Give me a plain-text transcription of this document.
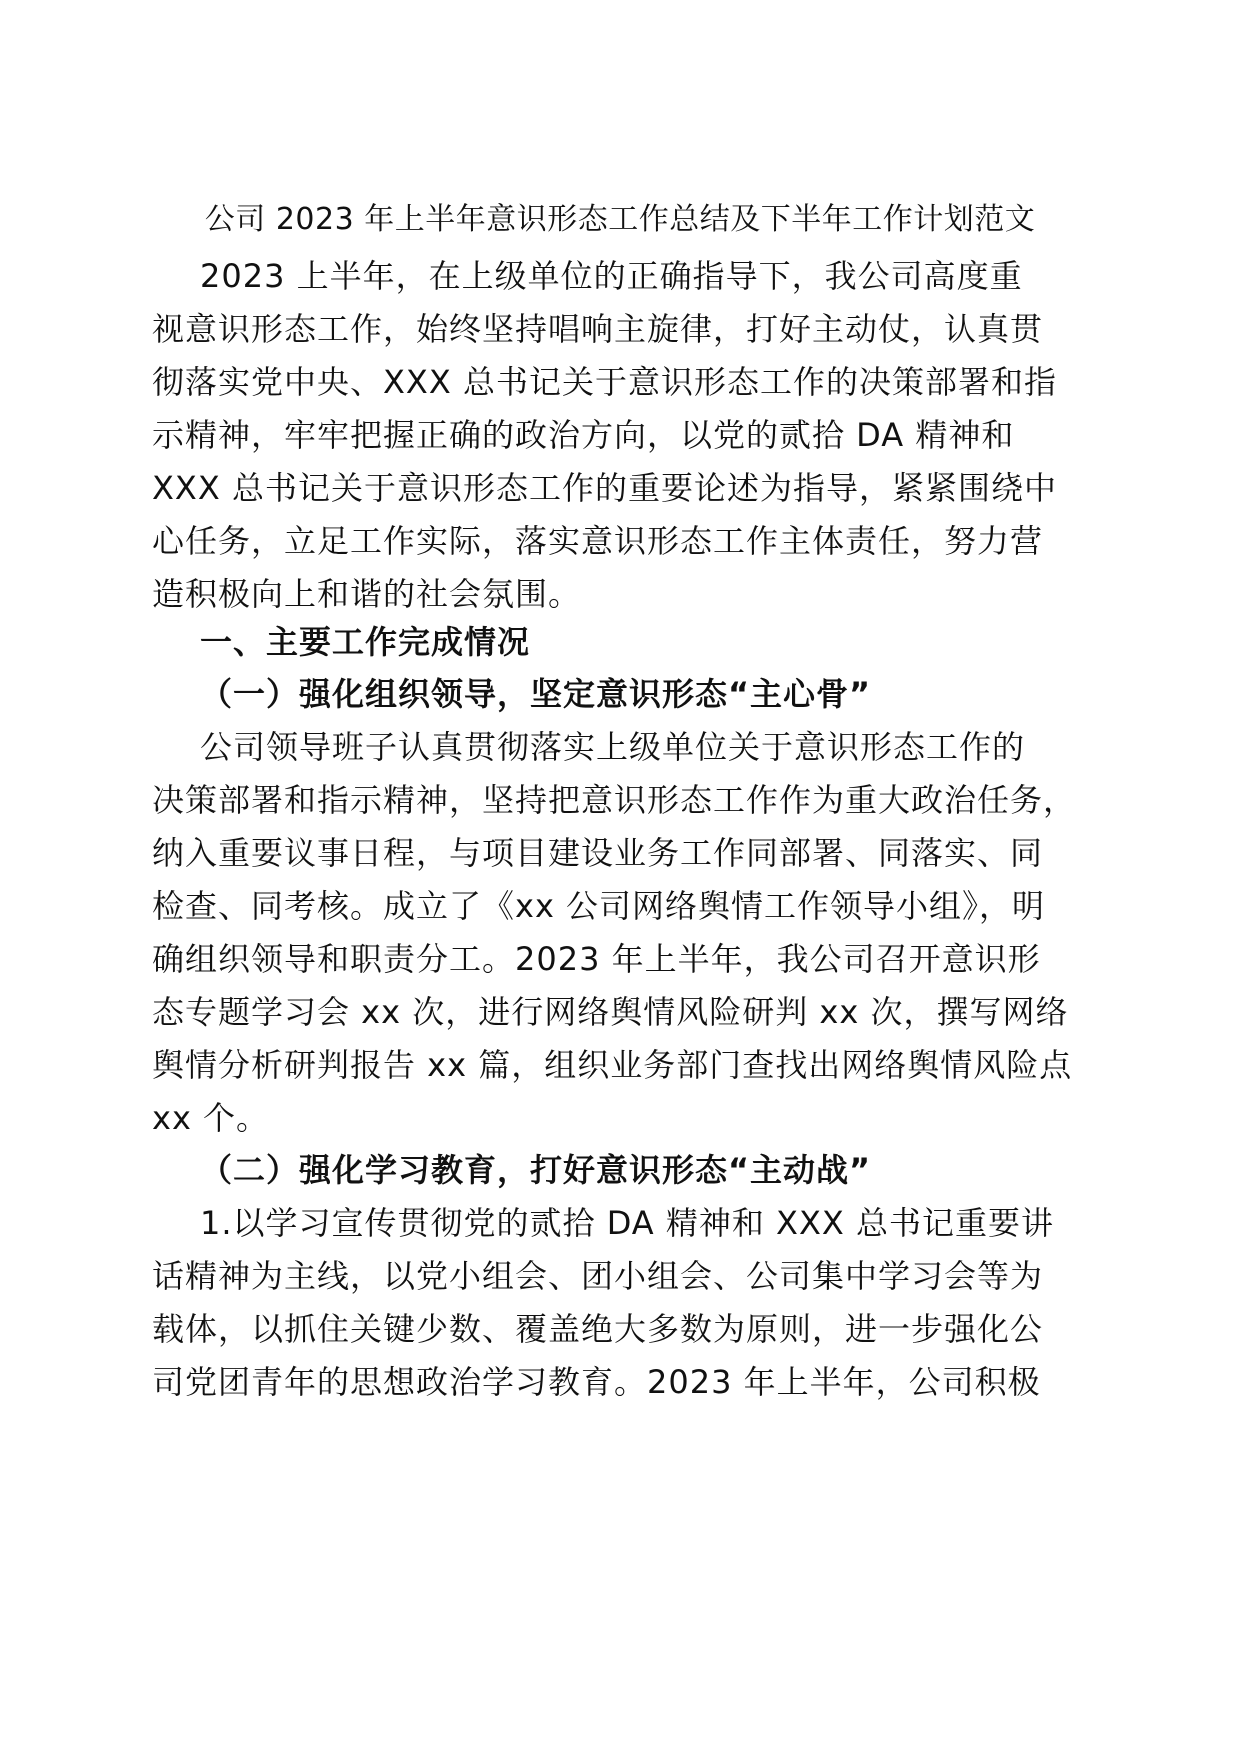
公司 2023 年上半年意识形态工作总结及下半年工作计划范文
2023 上半年，在上级单位的正确指导下，我公司高度重
视意识形态工作，始终坚持唱响主旋律，打好主动仗，认真贯
彻落实党中央、XXX 总书记关于意识形态工作的决策部署和指
示精神，牢牢把握正确的政治方向，以党的贰拾 DA 精神和
XXX 总书记关于意识形态工作的重要论述为指导，紧紧围绕中
心任务，立足工作实际，落实意识形态工作主体责任，努力营
造积极向上和谐的社会氛围。
一、主要工作完成情况
（一）强化组织领导，坚定意识形态“主心骨”
公司领导班子认真贯彻落实上级单位关于意识形态工作的
决策部署和指示精神，坚持把意识形态工作作为重大政治任务，
纳入重要议事日程，与项目建设业务工作同部署、同落实、同
检查、同考核。成立了《xx 公司网络舆情工作领导小组》，明
确组织领导和职责分工。2023 年上半年，我公司召开意识形
态专题学习会 xx 次，进行网络舆情风险研判 xx 次，撰写网络
舆情分析研判报告 xx 篇，组织业务部门查找出网络舆情风险点
xx 个。
（二）强化学习教育，打好意识形态“主动战”
1.以学习宣传贯彻党的贰拾 DA 精神和 XXX 总书记重要讲
话精神为主线，以党小组会、团小组会、公司集中学习会等为
载体，以抓住关键少数、覆盖绝大多数为原则，进一步强化公
司党团青年的思想政治学习教育。2023 年上半年，公司积极
